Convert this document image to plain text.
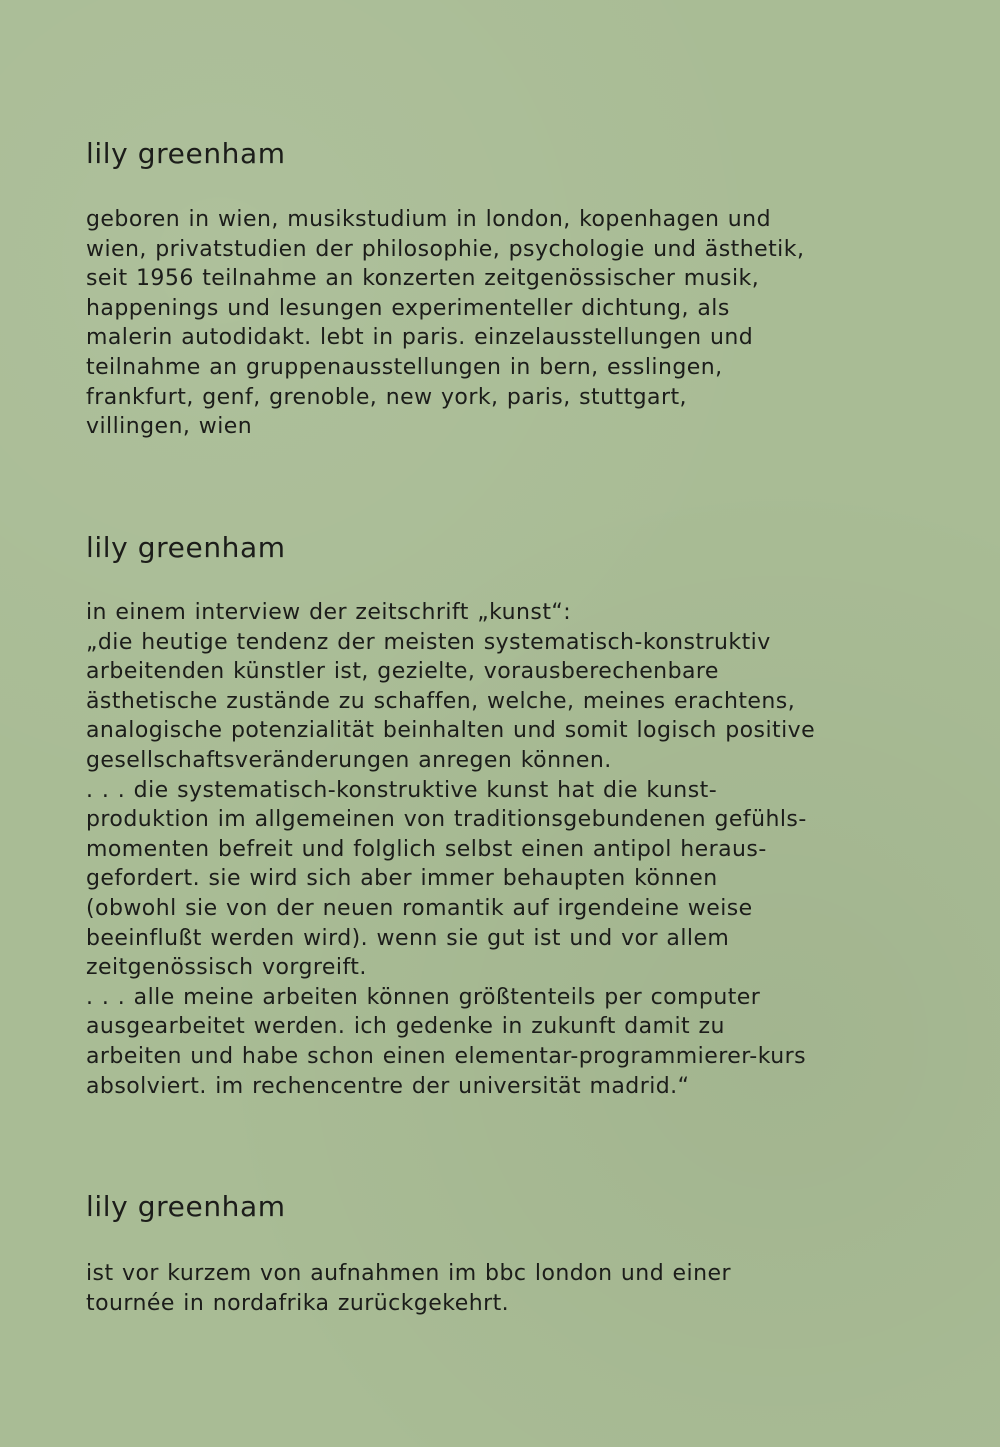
lily greenham
geboren in wien, musikstudium in london, kopenhagen und
wien, privatstudien der philosophie, psychologie und ästhetik,
seit 1956 teilnahme an konzerten zeitgenössischer musik,
happenings und lesungen experimenteller dichtung, als
malerin autodidakt. lebt in paris. einzelausstellungen und
teilnahme an gruppenausstellungen in bern, esslingen,
frankfurt, genf, grenoble, new york, paris, stuttgart,
villingen, wien
lily greenham
in einem interview der zeitschrift „kunst“:
„die heutige tendenz der meisten systematisch-konstruktiv
arbeitenden künstler ist, gezielte, vorausberechenbare
ästhetische zustände zu schaffen, welche, meines erachtens,
analogische potenzialität beinhalten und somit logisch positive
gesellschaftsveränderungen anregen können.
. . . die systematisch-konstruktive kunst hat die kunst-
produktion im allgemeinen von traditionsgebundenen gefühls-
momenten befreit und folglich selbst einen antipol heraus-
gefordert. sie wird sich aber immer behaupten können
(obwohl sie von der neuen romantik auf irgendeine weise
beeinflußt werden wird). wenn sie gut ist und vor allem
zeitgenössisch vorgreift.
. . . alle meine arbeiten können größtenteils per computer
ausgearbeitet werden. ich gedenke in zukunft damit zu
arbeiten und habe schon einen elementar-programmierer-kurs
absolviert. im rechencentre der universität madrid.“
lily greenham
ist vor kurzem von aufnahmen im bbc london und einer
tournée in nordafrika zurückgekehrt.
